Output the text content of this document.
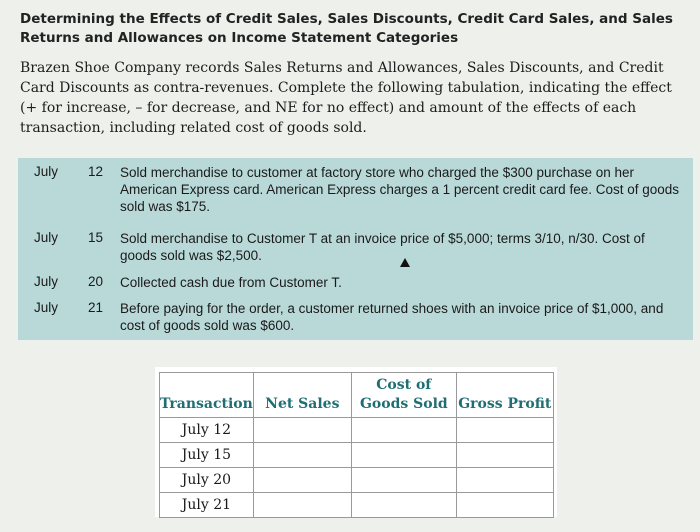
Determining the Effects of Credit Sales, Sales Discounts, Credit Card Sales, and Sales Returns and Allowances on Income Statement Categories
Brazen Shoe Company records Sales Returns and Allowances, Sales Discounts, and Credit Card Discounts as contra-revenues. Complete the following tabulation, indicating the effect (+ for increase, – for decrease, and NE for no effect) and amount of the effects of each transaction, including related cost of goods sold.
July 12 Sold merchandise to customer at factory store who charged the $300 purchase on her American Express card. American Express charges a 1 percent credit card fee. Cost of goods sold was $175.
July 15 Sold merchandise to Customer T at an invoice price of $5,000; terms 3/10, n/30. Cost of goods sold was $2,500.
July 20 Collected cash due from Customer T.
July 21 Before paying for the order, a customer returned shoes with an invoice price of $1,000, and cost of goods sold was $600.
Transaction	Net Sales	Cost of Goods Sold	Gross Profit
July 12			
July 15			
July 20			
July 21			
